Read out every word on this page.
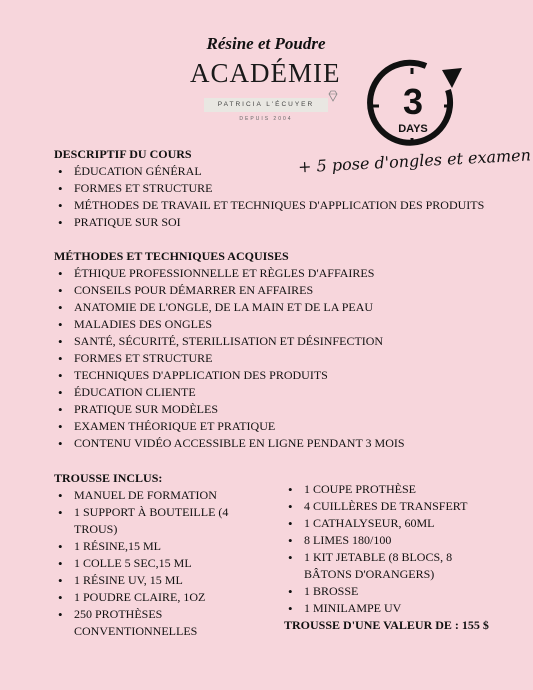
Résine et Poudre
ACADÉMIE
PATRICIA L'ÉCUYER
DEPUIS 2004	3
DAYS
+ 5 pose d'ongles et examen
DESCRIPTIF DU COURS
• ÉDUCATION GÉNÉRAL
• FORMES ET STRUCTURE
• MÉTHODES DE TRAVAIL ET TECHNIQUES D'APPLICATION DES PRODUITS
• PRATIQUE SUR SOI
MÉTHODES ET TECHNIQUES ACQUISES
• ÉTHIQUE PROFESSIONNELLE ET RÈGLES D'AFFAIRES
• CONSEILS POUR DÉMARRER EN AFFAIRES
• ANATOMIE DE L'ONGLE, DE LA MAIN ET DE LA PEAU
• MALADIES DES ONGLES
• SANTÉ, SÉCURITÉ, STERILLISATION ET DÉSINFECTION
• FORMES ET STRUCTURE
• TECHNIQUES D'APPLICATION DES PRODUITS
• ÉDUCATION CLIENTE
• PRATIQUE SUR MODÈLES
• EXAMEN THÉORIQUE ET PRATIQUE
• CONTENU VIDÉO ACCESSIBLE EN LIGNE PENDANT 3 MOIS
TROUSSE INCLUS:
• MANUEL DE FORMATION
• 1 SUPPORT À BOUTEILLE (4 TROUS)
• 1 RÉSINE,15 ML
• 1 COLLE 5 SEC,15 ML
• 1 RÉSINE UV, 15 ML
• 1 POUDRE CLAIRE, 1OZ
• 250 PROTHÈSES CONVENTIONNELLES
• 1 COUPE PROTHÈSE
• 4 CUILLÈRES DE TRANSFERT
• 1 CATHALYSEUR, 60ML
• 8 LIMES 180/100
• 1 KIT JETABLE (8 BLOCS, 8 BÂTONS D'ORANGERS)
• 1 BROSSE
• 1 MINILAMPE UV
TROUSSE D'UNE VALEUR DE : 155 $
